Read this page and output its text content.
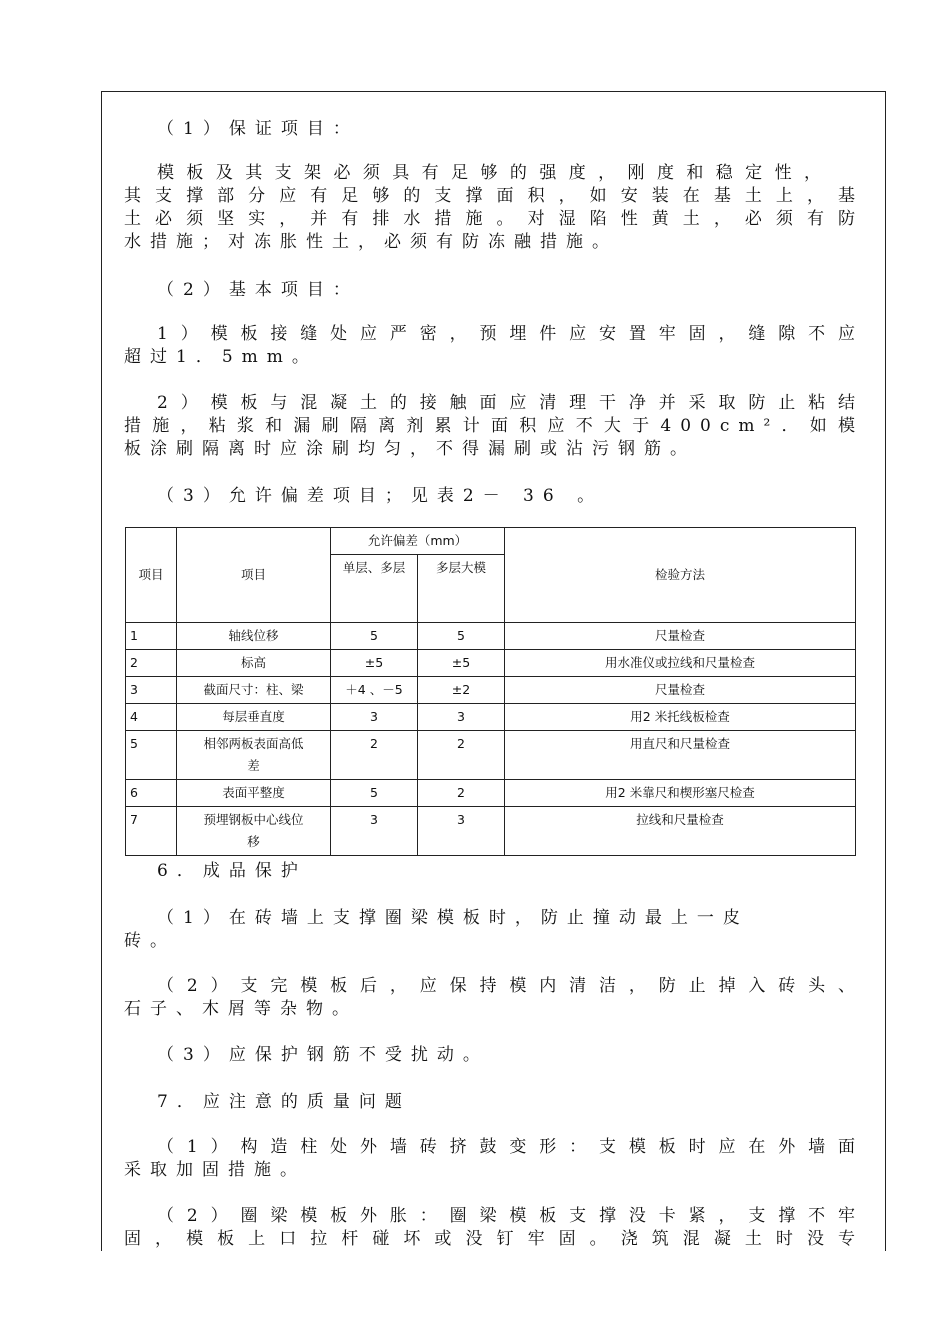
（1）保证项目：

模板及其支架必须具有足够的强度，刚度和稳定性，
其支撑部分应有足够的支撑面积，如安装在基土上，基
土必须坚实，并有排水措施。对湿陷性黄土，必须有防
水措施；对冻胀性土，必须有防冻融措施。

（2）基本项目：

1）模板接缝处应严密，预埋件应安置牢固，缝隙不应
超过1．5mm。
2）模板与混凝土的接触面应清理干净并采取防止粘结
措施，粘浆和漏刷隔离剂累计面积应不大于400cm²．如模
板涂刷隔离时应涂刷均匀，不得漏刷或沾污钢筋。

（3）允许偏差项目；见表2－ 36 。

项目	项目	允许偏差（mm）		检验方法
		单层、多层	多层大模	
1	轴线位移	5	5	尺量检查
2	标高	±5	±5	用水准仪或拉线和尺量检查
3	截面尺寸：柱、梁	＋4 、－5	±2	尺量检查
4	每层垂直度	3	3	用2 米托线板检查
5	相邻两板表面高低差	2	2	用直尺和尺量检查
6	表面平整度	5	2	用2 米靠尺和楔形塞尺检查
7	预埋钢板中心线位移	3	3	拉线和尺量检查

6．成品保护

（1）在砖墙上支撑圈梁模板时，防止撞动最上一皮
砖。
（2）支完模板后，应保持模内清洁，防止掉入砖头、
石子、木屑等杂物。

（3）应保护钢筋不受扰动。

7．应注意的质量问题

（1）构造柱处外墙砖挤鼓变形：支模板时应在外墙面
采取加固措施。
（2）圈梁模板外胀：圈梁模板支撑没卡紧，支撑不牢
固，模板上口拉杆碰坏或没钉牢固。浇筑混凝土时没专
